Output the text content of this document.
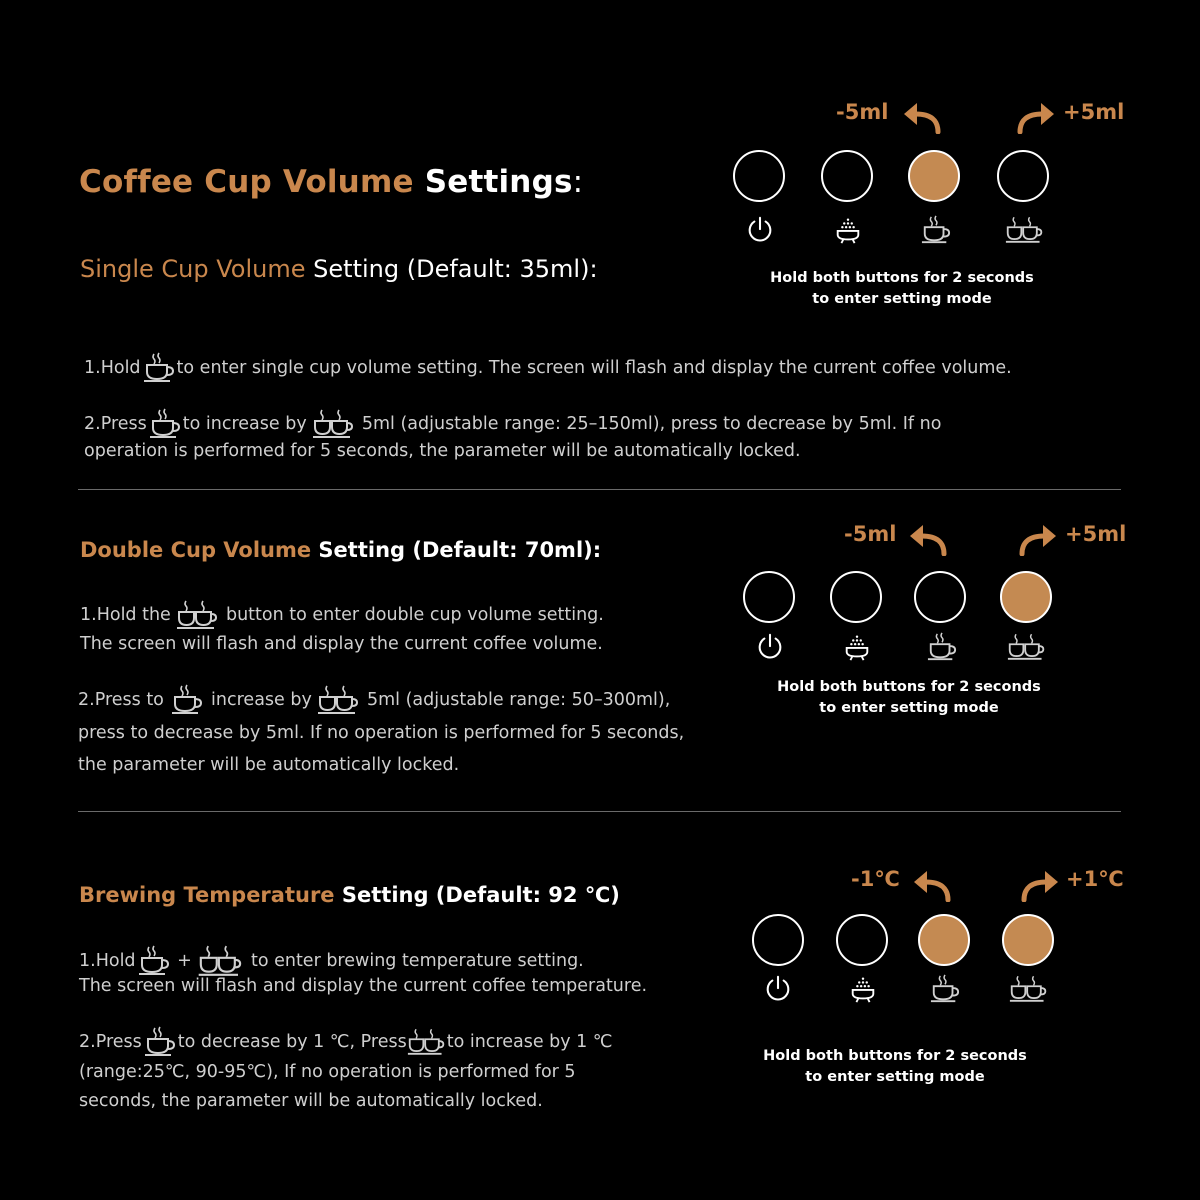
Coffee Cup Volume Settings:
Single Cup Volume Setting (Default: 35ml):
-5ml	+5ml
Hold both buttons for 2 seconds
to enter setting mode
1.Hold to enter single cup volume setting. The screen will flash and display the current coffee volume.
2.Press to increase by	5ml (adjustable range: 25–150ml), press to decrease by 5ml. If no
operation is performed for 5 seconds, the parameter will be automatically locked.
Double Cup Volume Setting (Default: 70ml):
1.Hold the	button to enter double cup volume setting.
The screen will flash and display the current coffee volume.
2.Press to	increase by	5ml (adjustable range: 50–300ml),
press to decrease by 5ml. If no operation is performed for 5 seconds,
the parameter will be automatically locked.
-5ml	+5ml
Hold both buttons for 2 seconds
to enter setting mode
Brewing Temperature Setting (Default: 92 ℃)
1.Hold +	to enter brewing temperature setting.
The screen will flash and display the current coffee temperature.
2.Press to decrease by 1 ℃, Press to increase by 1 ℃
(range:25℃, 90-95℃), If no operation is performed for 5
seconds, the parameter will be automatically locked.
-1℃	+1℃
Hold both buttons for 2 seconds
to enter setting mode
